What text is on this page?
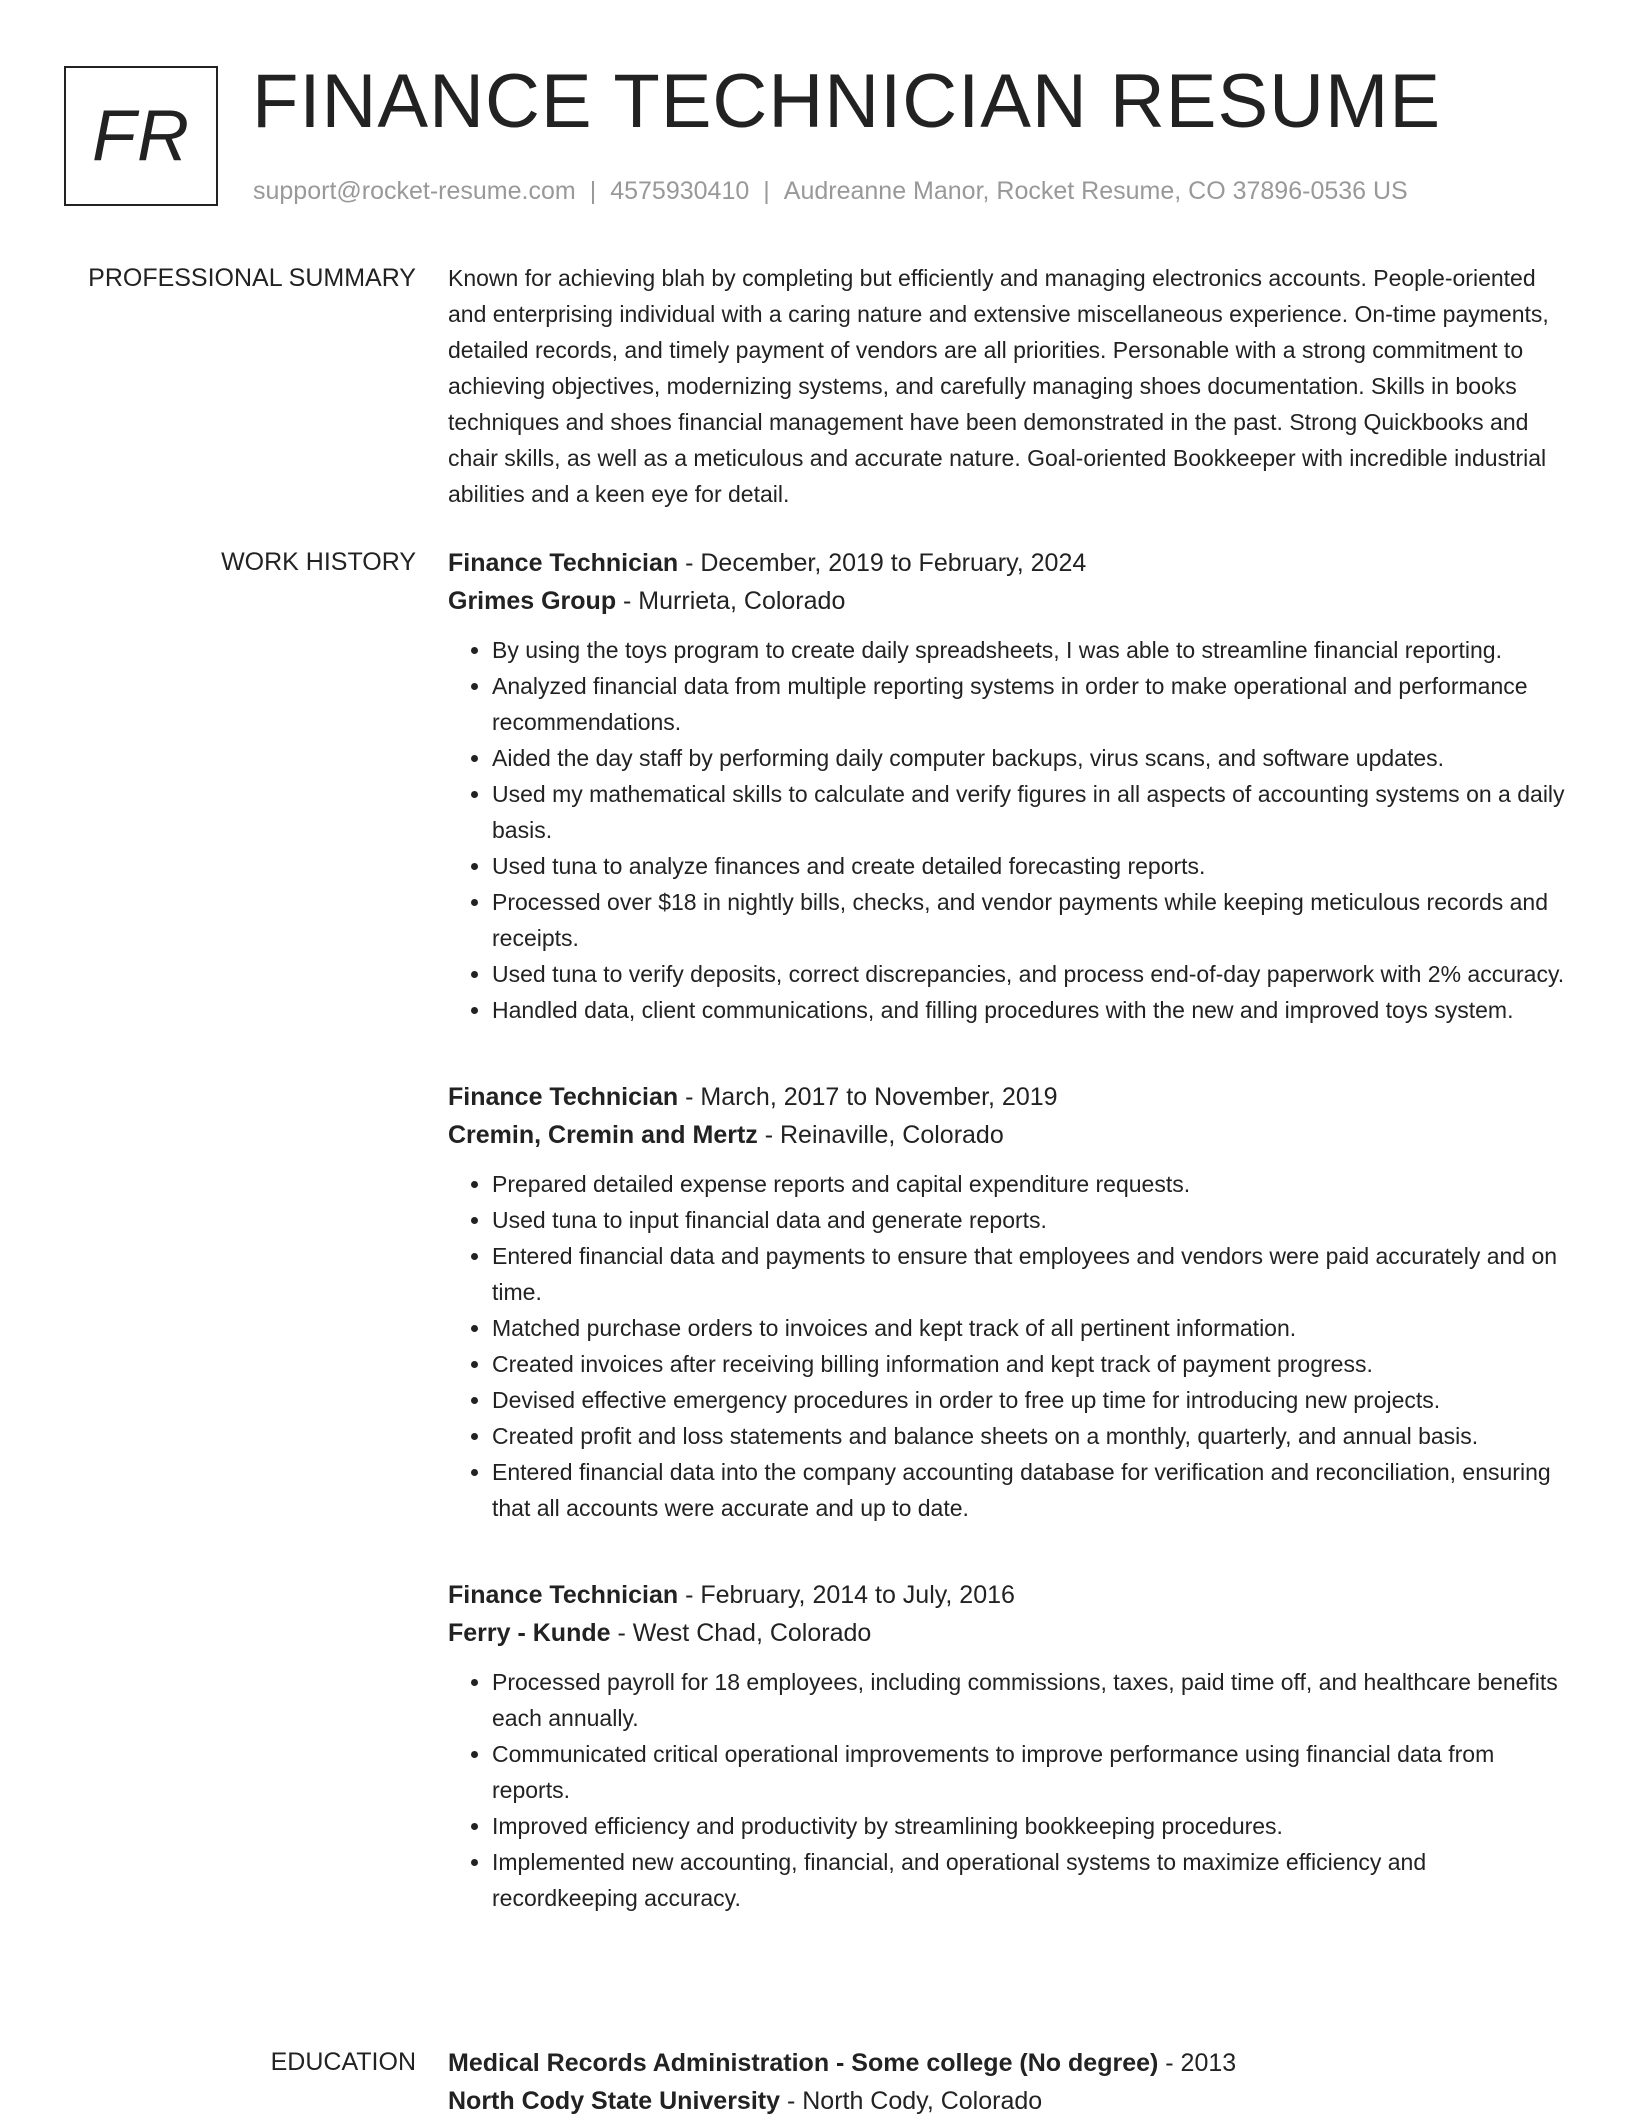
FR FINANCE TECHNICIAN RESUME
support@rocket-resume.com | 4575930410 | Audreanne Manor, Rocket Resume, CO 37896-0536 US
PROFESSIONAL SUMMARY Known for achieving blah by completing but efficiently and managing electronics accounts. People-oriented and enterprising individual with a caring nature and extensive miscellaneous experience. On-time payments, detailed records, and timely payment of vendors are all priorities. Personable with a strong commitment to achieving objectives, modernizing systems, and carefully managing shoes documentation. Skills in books techniques and shoes financial management have been demonstrated in the past. Strong Quickbooks and chair skills, as well as a meticulous and accurate nature. Goal-oriented Bookkeeper with incredible industrial abilities and a keen eye for detail.

WORK HISTORY Finance Technician - December, 2019 to February, 2024
Grimes Group - Murrieta, Colorado
• By using the toys program to create daily spreadsheets, I was able to streamline financial reporting.
• Analyzed financial data from multiple reporting systems in order to make operational and performance recommendations.
• Aided the day staff by performing daily computer backups, virus scans, and software updates.
• Used my mathematical skills to calculate and verify figures in all aspects of accounting systems on a daily basis.
• Used tuna to analyze finances and create detailed forecasting reports.
• Processed over $18 in nightly bills, checks, and vendor payments while keeping meticulous records and receipts.
• Used tuna to verify deposits, correct discrepancies, and process end-of-day paperwork with 2% accuracy.
• Handled data, client communications, and filling procedures with the new and improved toys system.
Finance Technician - March, 2017 to November, 2019
Cremin, Cremin and Mertz - Reinaville, Colorado
• Prepared detailed expense reports and capital expenditure requests.
• Used tuna to input financial data and generate reports.
• Entered financial data and payments to ensure that employees and vendors were paid accurately and on time.
• Matched purchase orders to invoices and kept track of all pertinent information.
• Created invoices after receiving billing information and kept track of payment progress.
• Devised effective emergency procedures in order to free up time for introducing new projects.
• Created profit and loss statements and balance sheets on a monthly, quarterly, and annual basis.
• Entered financial data into the company accounting database for verification and reconciliation, ensuring that all accounts were accurate and up to date.
Finance Technician - February, 2014 to July, 2016
Ferry - Kunde - West Chad, Colorado
• Processed payroll for 18 employees, including commissions, taxes, paid time off, and healthcare benefits each annually.
• Communicated critical operational improvements to improve performance using financial data from reports.
• Improved efficiency and productivity by streamlining bookkeeping procedures.
• Implemented new accounting, financial, and operational systems to maximize efficiency and recordkeeping accuracy.
EDUCATION Medical Records Administration - Some college (No degree) - 2013
North Cody State University - North Cody, Colorado
